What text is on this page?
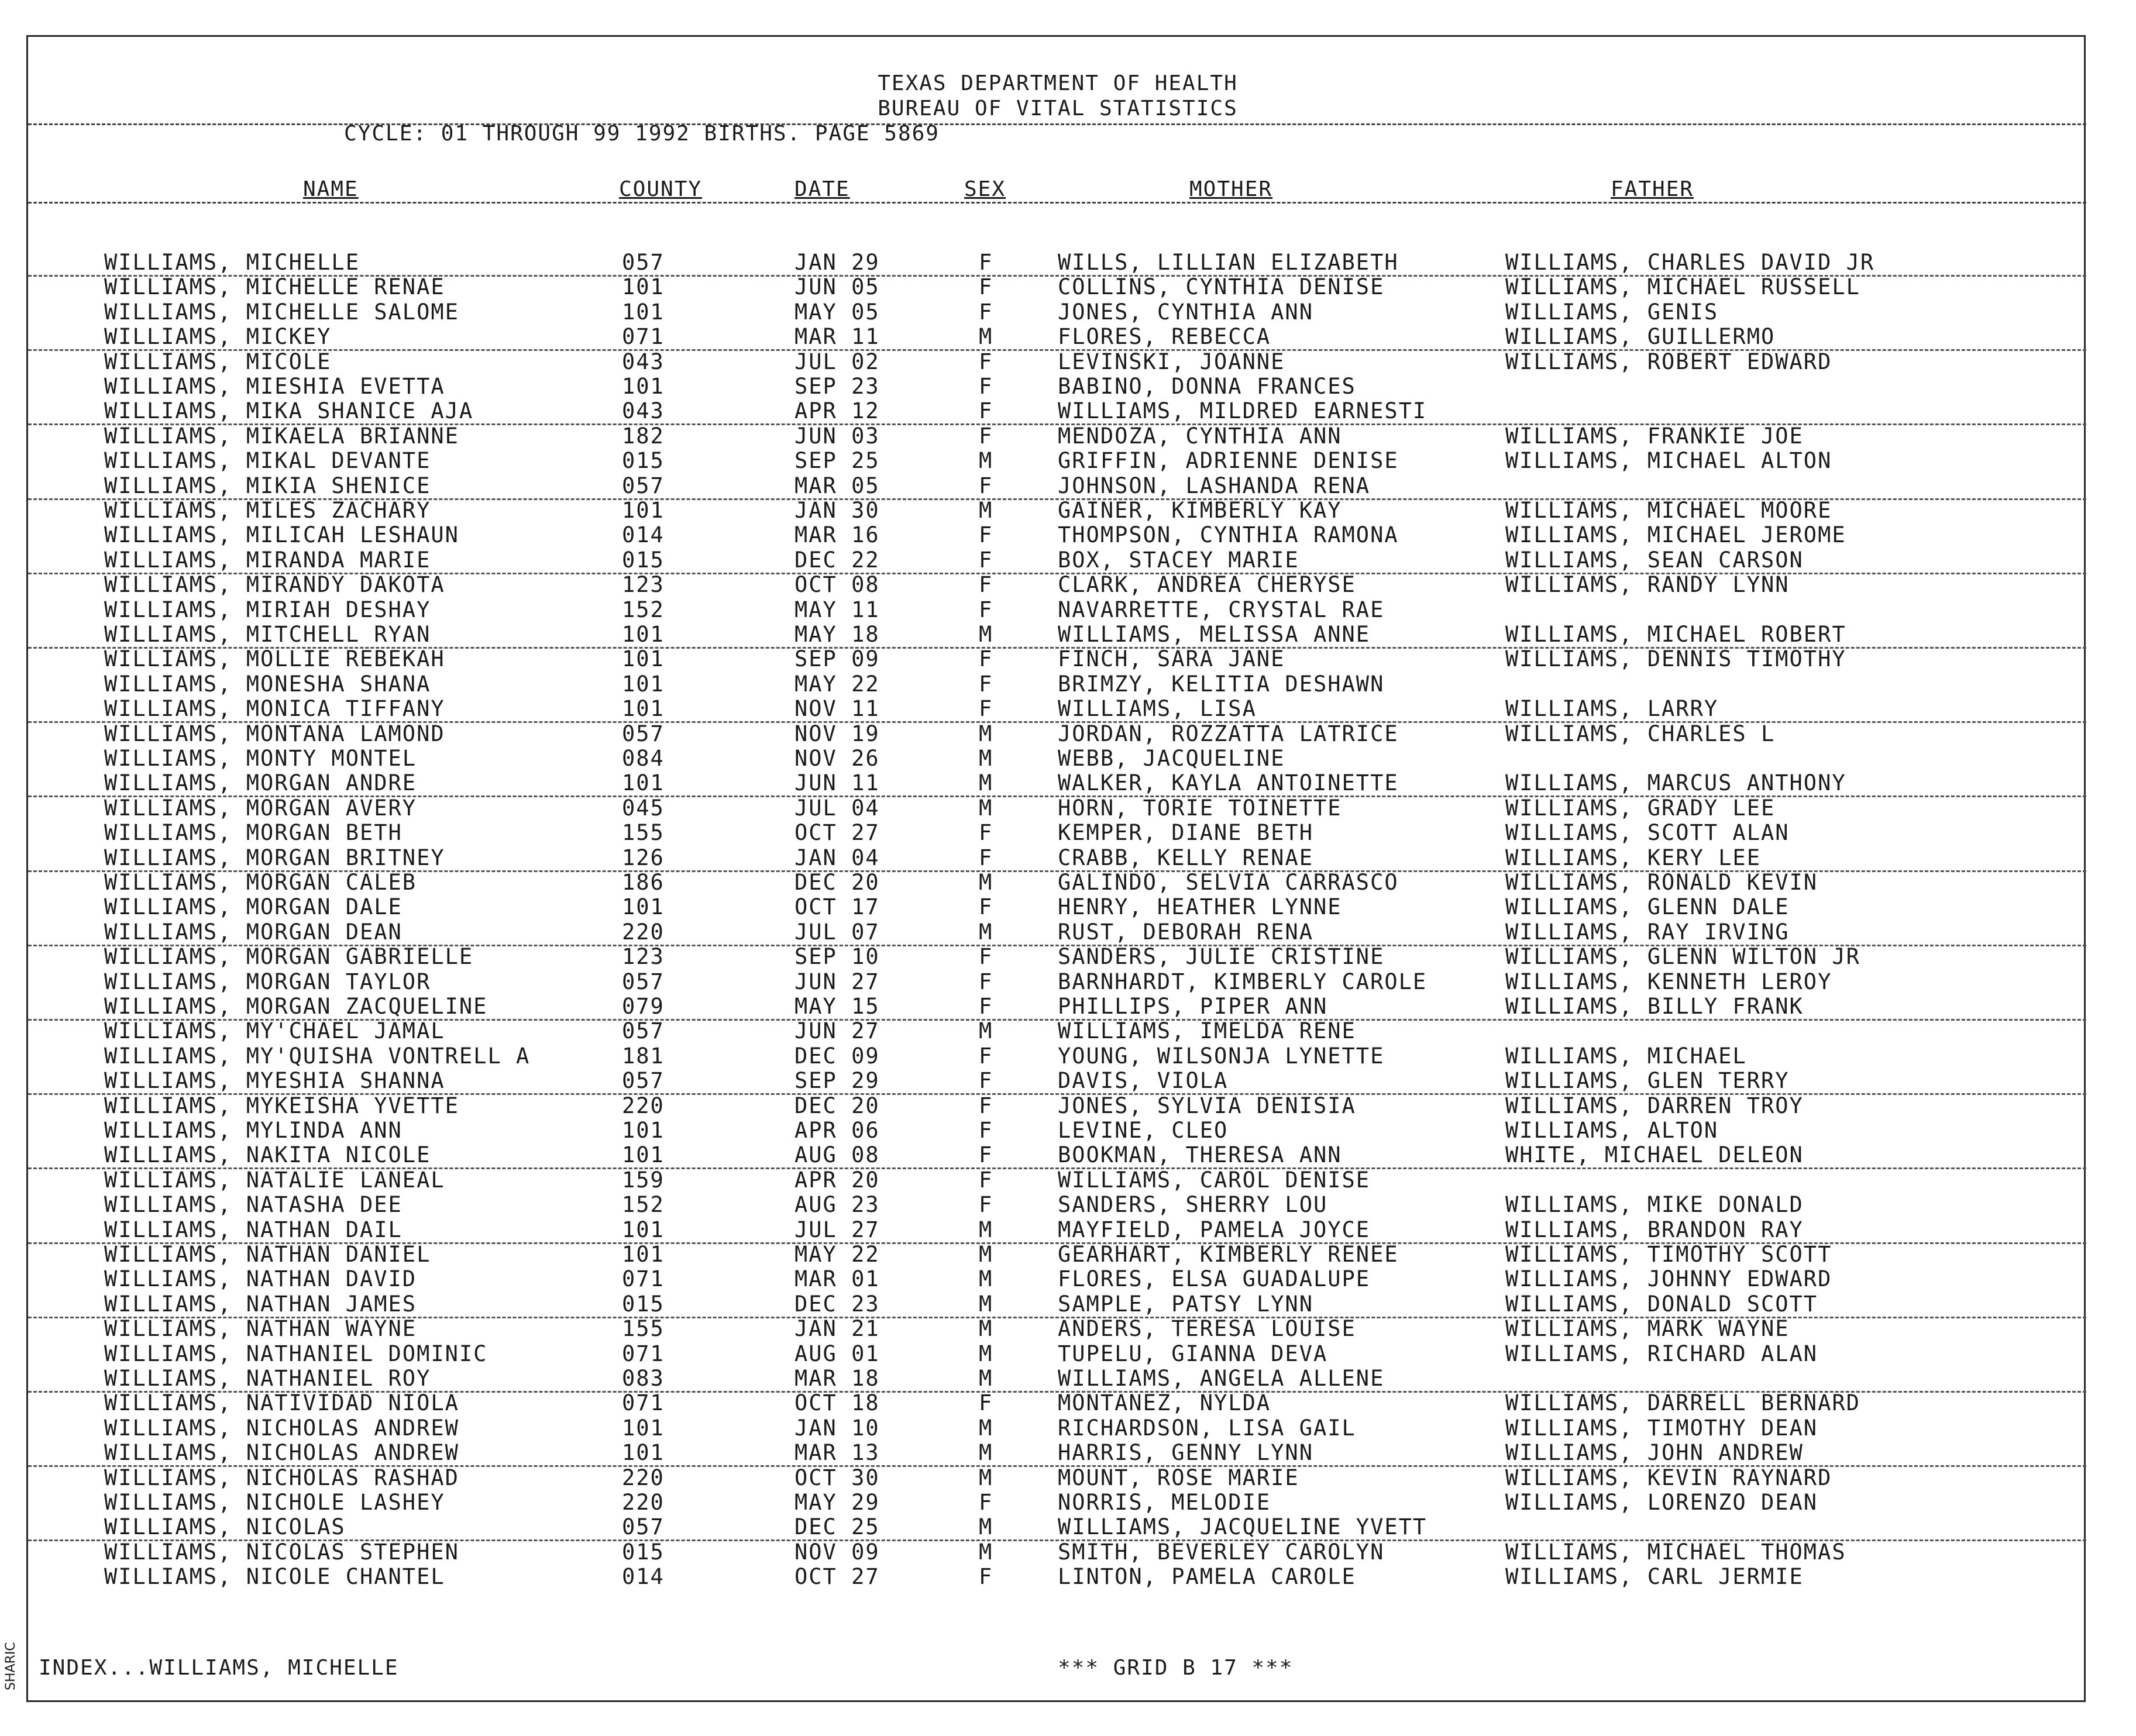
TEXAS DEPARTMENT OF HEALTH
BUREAU OF VITAL STATISTICS
CYCLE: 01 THROUGH 99 1992 BIRTHS. PAGE 5869
NAME	COUNTY	DATE	SEX	MOTHER	FATHER
WILLIAMS, MICHELLE	057	JAN 29	F	WILLS, LILLIAN ELIZABETH	WILLIAMS, CHARLES DAVID JR
WILLIAMS, MICHELLE RENAE	101	JUN 05	F	COLLINS, CYNTHIA DENISE	WILLIAMS, MICHAEL RUSSELL
WILLIAMS, MICHELLE SALOME	101	MAY 05	F	JONES, CYNTHIA ANN	WILLIAMS, GENIS
WILLIAMS, MICKEY	071	MAR 11	M	FLORES, REBECCA	WILLIAMS, GUILLERMO
WILLIAMS, MICOLE	043	JUL 02	F	LEVINSKI, JOANNE	WILLIAMS, ROBERT EDWARD
WILLIAMS, MIESHIA EVETTA	101	SEP 23	F	BABINO, DONNA FRANCES
WILLIAMS, MIKA SHANICE AJA	043	APR 12	F	WILLIAMS, MILDRED EARNESTI
WILLIAMS, MIKAELA BRIANNE	182	JUN 03	F	MENDOZA, CYNTHIA ANN	WILLIAMS, FRANKIE JOE
WILLIAMS, MIKAL DEVANTE	015	SEP 25	M	GRIFFIN, ADRIENNE DENISE	WILLIAMS, MICHAEL ALTON
WILLIAMS, MIKIA SHENICE	057	MAR 05	F	JOHNSON, LASHANDA RENA
WILLIAMS, MILES ZACHARY	101	JAN 30	M	GAINER, KIMBERLY KAY	WILLIAMS, MICHAEL MOORE
WILLIAMS, MILICAH LESHAUN	014	MAR 16	F	THOMPSON, CYNTHIA RAMONA	WILLIAMS, MICHAEL JEROME
WILLIAMS, MIRANDA MARIE	015	DEC 22	F	BOX, STACEY MARIE	WILLIAMS, SEAN CARSON
WILLIAMS, MIRANDY DAKOTA	123	OCT 08	F	CLARK, ANDREA CHERYSE	WILLIAMS, RANDY LYNN
WILLIAMS, MIRIAH DESHAY	152	MAY 11	F	NAVARRETTE, CRYSTAL RAE
WILLIAMS, MITCHELL RYAN	101	MAY 18	M	WILLIAMS, MELISSA ANNE	WILLIAMS, MICHAEL ROBERT
WILLIAMS, MOLLIE REBEKAH	101	SEP 09	F	FINCH, SARA JANE	WILLIAMS, DENNIS TIMOTHY
WILLIAMS, MONESHA SHANA	101	MAY 22	F	BRIMZY, KELITIA DESHAWN
WILLIAMS, MONICA TIFFANY	101	NOV 11	F	WILLIAMS, LISA	WILLIAMS, LARRY
WILLIAMS, MONTANA LAMOND	057	NOV 19	M	JORDAN, ROZZATTA LATRICE	WILLIAMS, CHARLES L
WILLIAMS, MONTY MONTEL	084	NOV 26	M	WEBB, JACQUELINE
WILLIAMS, MORGAN ANDRE	101	JUN 11	M	WALKER, KAYLA ANTOINETTE	WILLIAMS, MARCUS ANTHONY
WILLIAMS, MORGAN AVERY	045	JUL 04	M	HORN, TORIE TOINETTE	WILLIAMS, GRADY LEE
WILLIAMS, MORGAN BETH	155	OCT 27	F	KEMPER, DIANE BETH	WILLIAMS, SCOTT ALAN
WILLIAMS, MORGAN BRITNEY	126	JAN 04	F	CRABB, KELLY RENAE	WILLIAMS, KERY LEE
WILLIAMS, MORGAN CALEB	186	DEC 20	M	GALINDO, SELVIA CARRASCO	WILLIAMS, RONALD KEVIN
WILLIAMS, MORGAN DALE	101	OCT 17	F	HENRY, HEATHER LYNNE	WILLIAMS, GLENN DALE
WILLIAMS, MORGAN DEAN	220	JUL 07	M	RUST, DEBORAH RENA	WILLIAMS, RAY IRVING
WILLIAMS, MORGAN GABRIELLE	123	SEP 10	F	SANDERS, JULIE CRISTINE	WILLIAMS, GLENN WILTON JR
WILLIAMS, MORGAN TAYLOR	057	JUN 27	F	BARNHARDT, KIMBERLY CAROLE	WILLIAMS, KENNETH LEROY
WILLIAMS, MORGAN ZACQUELINE	079	MAY 15	F	PHILLIPS, PIPER ANN	WILLIAMS, BILLY FRANK
WILLIAMS, MY'CHAEL JAMAL	057	JUN 27	M	WILLIAMS, IMELDA RENE
WILLIAMS, MY'QUISHA VONTRELL A	181	DEC 09	F	YOUNG, WILSONJA LYNETTE	WILLIAMS, MICHAEL
WILLIAMS, MYESHIA SHANNA	057	SEP 29	F	DAVIS, VIOLA	WILLIAMS, GLEN TERRY
WILLIAMS, MYKEISHA YVETTE	220	DEC 20	F	JONES, SYLVIA DENISIA	WILLIAMS, DARREN TROY
WILLIAMS, MYLINDA ANN	101	APR 06	F	LEVINE, CLEO	WILLIAMS, ALTON
WILLIAMS, NAKITA NICOLE	101	AUG 08	F	BOOKMAN, THERESA ANN	WHITE, MICHAEL DELEON
WILLIAMS, NATALIE LANEAL	159	APR 20	F	WILLIAMS, CAROL DENISE
WILLIAMS, NATASHA DEE	152	AUG 23	F	SANDERS, SHERRY LOU	WILLIAMS, MIKE DONALD
WILLIAMS, NATHAN DAIL	101	JUL 27	M	MAYFIELD, PAMELA JOYCE	WILLIAMS, BRANDON RAY
WILLIAMS, NATHAN DANIEL	101	MAY 22	M	GEARHART, KIMBERLY RENEE	WILLIAMS, TIMOTHY SCOTT
WILLIAMS, NATHAN DAVID	071	MAR 01	M	FLORES, ELSA GUADALUPE	WILLIAMS, JOHNNY EDWARD
WILLIAMS, NATHAN JAMES	015	DEC 23	M	SAMPLE, PATSY LYNN	WILLIAMS, DONALD SCOTT
WILLIAMS, NATHAN WAYNE	155	JAN 21	M	ANDERS, TERESA LOUISE	WILLIAMS, MARK WAYNE
WILLIAMS, NATHANIEL DOMINIC	071	AUG 01	M	TUPELU, GIANNA DEVA	WILLIAMS, RICHARD ALAN
WILLIAMS, NATHANIEL ROY	083	MAR 18	M	WILLIAMS, ANGELA ALLENE
WILLIAMS, NATIVIDAD NIOLA	071	OCT 18	F	MONTANEZ, NYLDA	WILLIAMS, DARRELL BERNARD
WILLIAMS, NICHOLAS ANDREW	101	JAN 10	M	RICHARDSON, LISA GAIL	WILLIAMS, TIMOTHY DEAN
WILLIAMS, NICHOLAS ANDREW	101	MAR 13	M	HARRIS, GENNY LYNN	WILLIAMS, JOHN ANDREW
WILLIAMS, NICHOLAS RASHAD	220	OCT 30	M	MOUNT, ROSE MARIE	WILLIAMS, KEVIN RAYNARD
WILLIAMS, NICHOLE LASHEY	220	MAY 29	F	NORRIS, MELODIE	WILLIAMS, LORENZO DEAN
WILLIAMS, NICOLAS	057	DEC 25	M	WILLIAMS, JACQUELINE YVETT
WILLIAMS, NICOLAS STEPHEN	015	NOV 09	M	SMITH, BEVERLEY CAROLYN	WILLIAMS, MICHAEL THOMAS
WILLIAMS, NICOLE CHANTEL	014	OCT 27	F	LINTON, PAMELA CAROLE	WILLIAMS, CARL JERMIE
INDEX...WILLIAMS, MICHELLE	*** GRID B 17 ***
SHARIC
